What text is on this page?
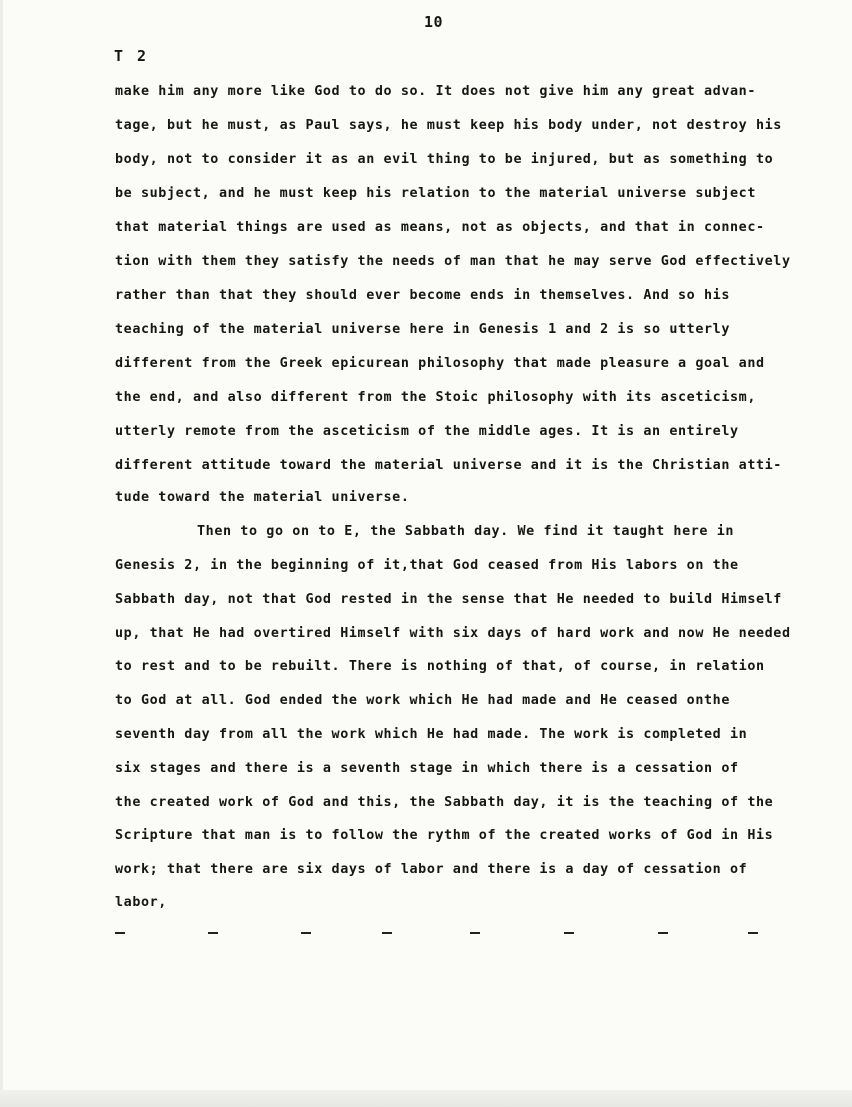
10
T 2
make him any more like God to do so. It does not give him any great advan-
tage, but he must, as Paul says, he must keep his body under, not destroy his
body, not to consider it as an evil thing to be injured, but as something to
be subject, and he must keep his relation to the material universe subject
that material things are used as means, not as objects, and that in connec-
tion with them they satisfy the needs of man that he may serve God effectively
rather than that they should ever become ends in themselves. And so his
teaching of the material universe here in Genesis 1 and 2 is so utterly
different from the Greek epicurean philosophy that made pleasure a goal and
the end, and also different from the Stoic philosophy with its asceticism,
utterly remote from the asceticism of the middle ages. It is an entirely
different attitude toward the material universe and it is the Christian atti-
tude toward the material universe.
Then to go on to E, the Sabbath day. We find it taught here in
Genesis 2, in the beginning of it,that God ceased from His labors on the
Sabbath day, not that God rested in the sense that He needed to build Himself
up, that He had overtired Himself with six days of hard work and now He needed
to rest and to be rebuilt. There is nothing of that, of course, in relation
to God at all. God ended the work which He had made and He ceased onthe
seventh day from all the work which He had made. The work is completed in
six stages and there is a seventh stage in which there is a cessation of
the created work of God and this, the Sabbath day, it is the teaching of the
Scripture that man is to follow the rythm of the created works of God in His
work; that there are six days of labor and there is a day of cessation of
labor,
